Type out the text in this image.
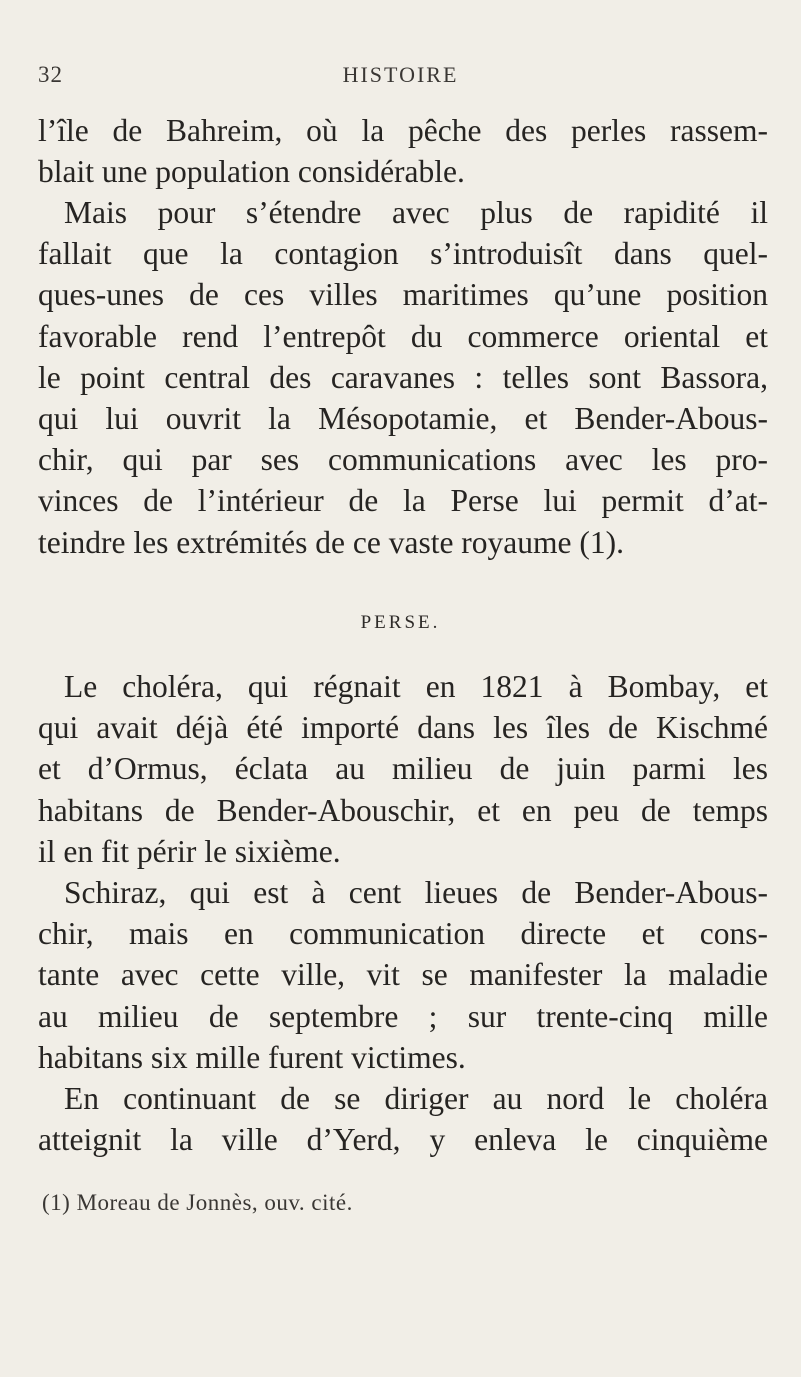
32	HISTOIRE
l’île de Bahreim, où la pêche des perles rassem-
blait une population considérable.
Mais pour s’étendre avec plus de rapidité il
fallait que la contagion s’introduisît dans quel-
ques-unes de ces villes maritimes qu’une position
favorable rend l’entrepôt du commerce oriental et
le point central des caravanes : telles sont Bassora,
qui lui ouvrit la Mésopotamie, et Bender-Abous-
chir, qui par ses communications avec les pro-
vinces de l’intérieur de la Perse lui permit d’at-
teindre les extrémités de ce vaste royaume (1).
PERSE.
Le choléra, qui régnait en 1821 à Bombay, et
qui avait déjà été importé dans les îles de Kischmé
et d’Ormus, éclata au milieu de juin parmi les
habitans de Bender-Abouschir, et en peu de temps
il en fit périr le sixième.
Schiraz, qui est à cent lieues de Bender-Abous-
chir, mais en communication directe et cons-
tante avec cette ville, vit se manifester la maladie
au milieu de septembre ; sur trente-cinq mille
habitans six mille furent victimes.
En continuant de se diriger au nord le choléra
atteignit la ville d’Yerd, y enleva le cinquième
(1) Moreau de Jonnès, ouv. cité.
